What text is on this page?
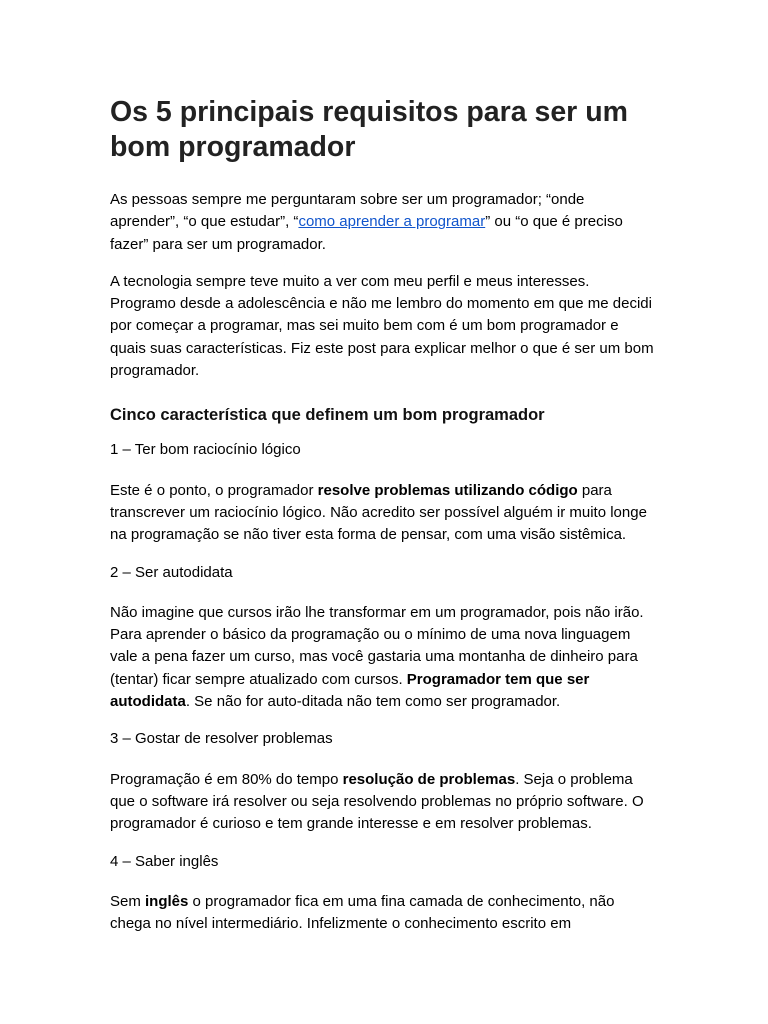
Os 5 principais requisitos para ser um bom programador

As pessoas sempre me perguntaram sobre ser um programador; “onde aprender”, “o que estudar”, “como aprender a programar” ou “o que é preciso fazer” para ser um programador.

A tecnologia sempre teve muito a ver com meu perfil e meus interesses. Programo desde a adolescência e não me lembro do momento em que me decidi por começar a programar, mas sei muito bem com é um bom programador e quais suas características. Fiz este post para explicar melhor o que é ser um bom programador.

Cinco característica que definem um bom programador

1 – Ter bom raciocínio lógico

Este é o ponto, o programador resolve problemas utilizando código para transcrever um raciocínio lógico. Não acredito ser possível alguém ir muito longe na programação se não tiver esta forma de pensar, com uma visão sistêmica.

2 – Ser autodidata

Não imagine que cursos irão lhe transformar em um programador, pois não irão. Para aprender o básico da programação ou o mínimo de uma nova linguagem vale a pena fazer um curso, mas você gastaria uma montanha de dinheiro para (tentar) ficar sempre atualizado com cursos. Programador tem que ser autodidata. Se não for auto-ditada não tem como ser programador.

3 – Gostar de resolver problemas

Programação é em 80% do tempo resolução de problemas. Seja o problema que o software irá resolver ou seja resolvendo problemas no próprio software. O programador é curioso e tem grande interesse e em resolver problemas.

4 – Saber inglês

Sem inglês o programador fica em uma fina camada de conhecimento, não chega no nível intermediário. Infelizmente o conhecimento escrito em
